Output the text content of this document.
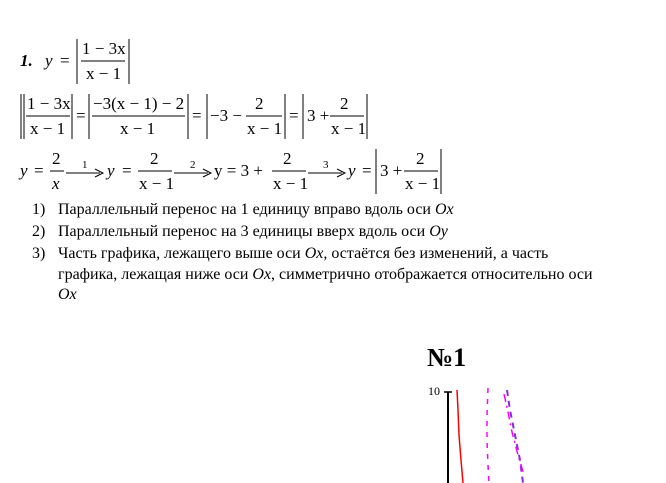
1. y =
1 − 3x
x − 1
1 − 3x
x − 1
=
−3(x − 1) − 2
x − 1
= −3 −
2
x − 1
= 3 +
2
x − 1
y =
2
x
1 y =
2
x − 1
2 y = 3 +
2
x − 1
3 y = 3 +
2
x − 1
1) Параллельный перенос на 1 единицу вправо вдоль оси Ox
2) Параллельный перенос на 3 единицы вверх вдоль оси Oy
3) Часть графика, лежащего выше оси Ox, остаётся без изменений, а часть
графика, лежащая ниже оси Ox, симметрично отображается относительно оси
Ox
№1
10
